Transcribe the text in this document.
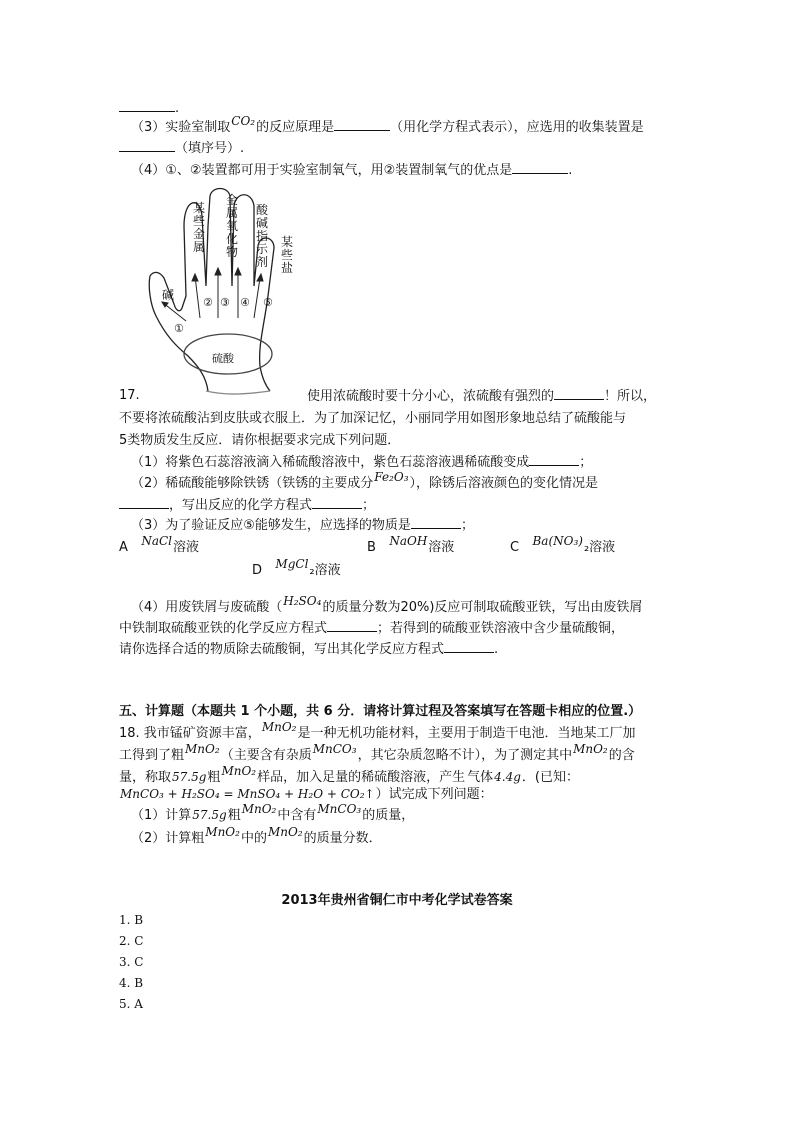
.
（3）实验室制取CO₂的反应原理是	（用化学方程式表示），应选用的收集装置是
（填序号）.
（4）①、②装置都可用于实验室制氧气，用②装置制氧气的优点是	.
某
些
金
属
金
属
氧
化
物
酸
碱
指
示
剂
某
些
盐
碱
硫酸
①
② ③ ④ ⑤
17.	使用浓硫酸时要十分小心，浓硫酸有强烈的	！所以，
不要将浓硫酸沾到皮肤或衣服上．为了加深记忆，小丽同学用如图形象地总结了硫酸能与
5类物质发生反应．请你根据要求完成下列问题．
（1）将紫色石蕊溶液滴入稀硫酸溶液中，紫色石蕊溶液遇稀硫酸变成	；
（2）稀硫酸能够除铁锈（铁锈的主要成分Fe₂O₃），除锈后溶液颜色的变化情况是
，写出反应的化学方程式	；
（3）为了验证反应⑤能够发生，应选择的物质是	；
A NaCl溶液	B NaOH溶液	C Ba(NO₃)₂溶液
D MgCl₂溶液
（4）用废铁屑与废硫酸（H₂SO₄的质量分数为20%)反应可制取硫酸亚铁，写出由废铁屑
中铁制取硫酸亚铁的化学反应方程式	；若得到的硫酸亚铁溶液中含少量硫酸铜，
请你选择合适的物质除去硫酸铜，写出其化学反应方程式	.
五、计算题（本题共 1 个小题，共 6 分．请将计算过程及答案填写在答题卡相应的位置.）
18. 我市锰矿资源丰富，MnO₂是一种无机功能材料，主要用于制造干电池．当地某工厂加
工得到了粗MnO₂（主要含有杂质MnCO₃，其它杂质忽略不计），为了测定其中MnO₂的含
量，称取57.5g粗MnO₂样品，加入足量的稀硫酸溶液，产生 气体4.4g．(已知：
MnCO₃ + H₂SO₄ = MnSO₄ + H₂O + CO₂↑）试完成下列问题：
（1）计算57.5g粗MnO₂中含有MnCO₃的质量，
（2）计算粗MnO₂中的MnO₂的质量分数．
2013年贵州省铜仁市中考化学试卷答案
1. B
2. C
3. C
4. B
5. A
